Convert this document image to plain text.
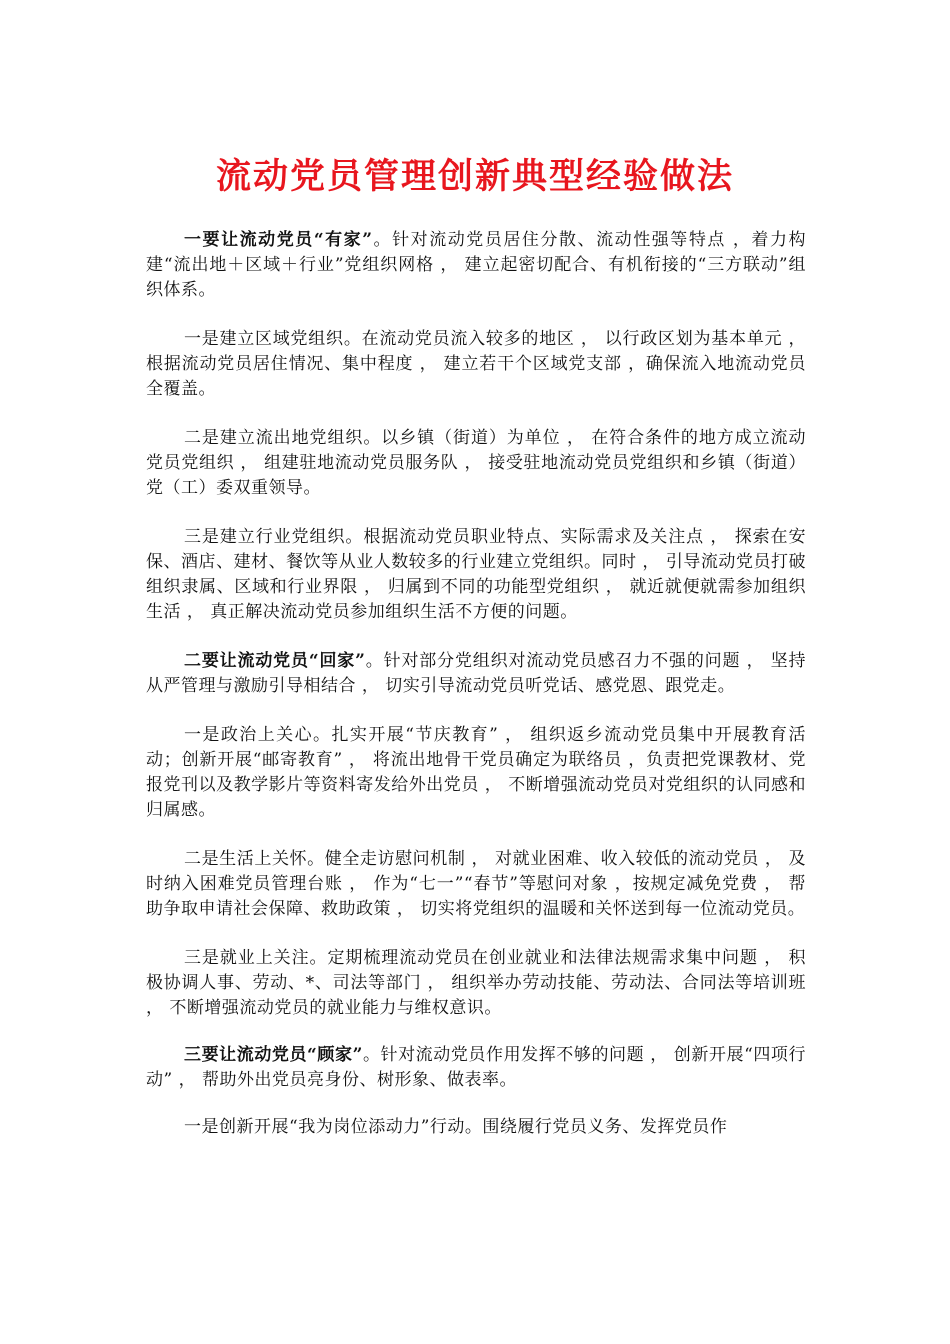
流动党员管理创新典型经验做法

一要让流动党员“有家”。针对流动党员居住分散、流动性强等特点 ，着力构建“流出地＋区域＋行业”党组织网格 ， 建立起密切配合、有机衔接的“三方联动”组织体系。

一是建立区域党组织。在流动党员流入较多的地区 ， 以行政区划为基本单元 ， 根据流动党员居住情况、集中程度 ， 建立若干个区域党支部 ，确保流入地流动党员全覆盖。

二是建立流出地党组织。以乡镇（街道）为单位 ， 在符合条件的地方成立流动党员党组织 ， 组建驻地流动党员服务队 ， 接受驻地流动党员党组织和乡镇（街道）党（工）委双重领导。

三是建立行业党组织。根据流动党员职业特点、实际需求及关注点 ， 探索在安保、酒店、建材、餐饮等从业人数较多的行业建立党组织。同时 ， 引导流动党员打破组织隶属、区域和行业界限 ， 归属到不同的功能型党组织 ， 就近就便就需参加组织生活 ， 真正解决流动党员参加组织生活不方便的问题。

二要让流动党员“回家”。针对部分党组织对流动党员感召力不强的问题 ， 坚持从严管理与激励引导相结合 ， 切实引导流动党员听党话、感党恩、跟党走。

一是政治上关心。扎实开展“节庆教育” ， 组织返乡流动党员集中开展教育活动；创新开展“邮寄教育” ， 将流出地骨干党员确定为联络员 ，负责把党课教材、党报党刊以及教学影片等资料寄发给外出党员 ， 不断增强流动党员对党组织的认同感和归属感。

二是生活上关怀。健全走访慰问机制 ， 对就业困难、收入较低的流动党员 ， 及时纳入困难党员管理台账 ， 作为“七一”“春节”等慰问对象 ，按规定减免党费 ， 帮助争取申请社会保障、救助政策 ， 切实将党组织的温暖和关怀送到每一位流动党员。

三是就业上关注。定期梳理流动党员在创业就业和法律法规需求集中问题 ， 积极协调人事、劳动、*、司法等部门 ， 组织举办劳动技能、劳动法、合同法等培训班 ， 不断增强流动党员的就业能力与维权意识。

三要让流动党员“顾家”。针对流动党员作用发挥不够的问题 ， 创新开展“四项行动” ， 帮助外出党员亮身份、树形象、做表率。

一是创新开展“我为岗位添动力”行动。围绕履行党员义务、发挥党员作
